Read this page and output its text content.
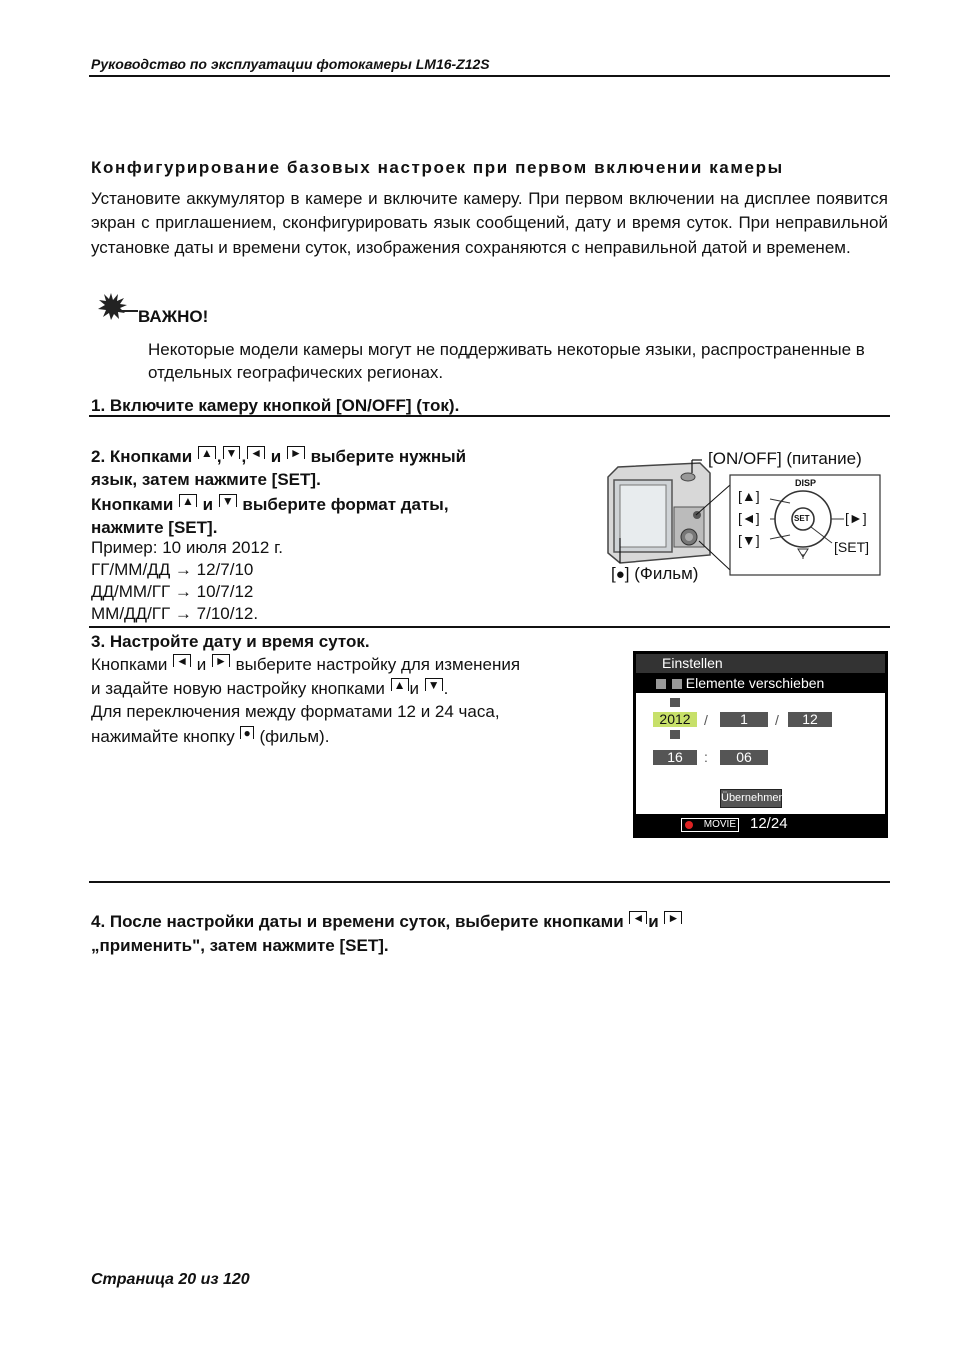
Руководство по эксплуатации фотокамеры LM16-Z12S
Конфигурирование базовых настроек при первом включении камеры
Установите аккумулятор в камере и включите камеру. При первом включении на дисплее появится экран с приглашением, сконфигурировать язык сообщений, дату и время суток. При неправильной установке даты и времени суток, изображения сохраняются с неправильной датой и временем.
ВАЖНО!
Некоторые модели камеры могут не поддерживать некоторые языки, распространенные в отдельных географических регионах.
1. Включите камеру кнопкой [ON/OFF] (ток).
2. Кнопками ▲ , ▼ , ◄ и ► выберите нужный
язык, затем нажмите [SET].
Кнопками ▲ и ▼ выберите формат даты,
нажмите [SET].
Пример: 10 июля 2012 г.
ГГ/ММ/ДД → 12/7/10
ДД/ММ/ГГ → 10/7/12
ММ/ДД/ГГ → 7/10/12.
[ON/OFF] (питание)
DISP
SET
[▲]
[◄]
[▼]
[►]
[SET]
[●] (Фильм)
3. Настройте дату и время суток.
Кнопками ◄ и ► выберите настройку для изменения
и задайте новую настройку кнопками ▲ и ▼ .
Для переключения между форматами 12 и 24 часа,
нажимайте кнопку ● (фильм).
Einstellen
Elemente verschieben
2012 /	1	/	12
16	:	06
Übernehmen
MOVIE 12/24
4. После настройки даты и времени суток, выберите кнопками ◄ и ►
„применить", затем нажмите [SET].
Страница 20 из 120
